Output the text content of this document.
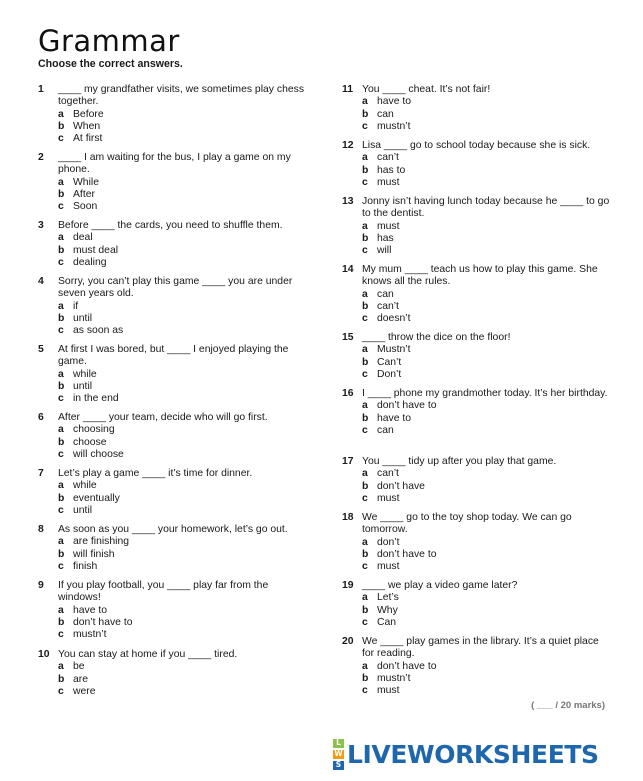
Grammar

Choose the correct answers.

1 ____ my grandfather visits, we sometimes play chess together.
a Before
b When
c At first
2 ____ I am waiting for the bus, I play a game on my phone.
a While
b After
c Soon
3 Before ____ the cards, you need to shuffle them.
a deal
b must deal
c dealing
4 Sorry, you can’t play this game ____ you are under seven years old.
a if
b until
c as soon as
5 At first I was bored, but ____ I enjoyed playing the game.
a while
b until
c in the end
6 After ____ your team, decide who will go first.
a choosing
b choose
c will choose
7 Let’s play a game ____ it’s time for dinner.
a while
b eventually
c until
8 As soon as you ____ your homework, let’s go out.
a are finishing
b will finish
c finish
9 If you play football, you ____ play far from the windows!
a have to
b don’t have to
c mustn’t
10 You can stay at home if you ____ tired.
a be
b are
c were
11 You ____ cheat. It’s not fair!
a have to
b can
c mustn’t
12 Lisa ____ go to school today because she is sick.
a can’t
b has to
c must
13 Jonny isn’t having lunch today because he ____ to go to the dentist.
a must
b has
c will
14 My mum ____ teach us how to play this game. She knows all the rules.
a can
b can’t
c doesn’t
15 ____ throw the dice on the floor!
a Mustn’t
b Can’t
c Don’t
16 I ____ phone my grandmother today. It’s her birthday.
a don’t have to
b have to
c can
17 You ____ tidy up after you play that game.
a can’t
b don’t have
c must
18 We ____ go to the toy shop today. We can go tomorrow.
a don’t
b don’t have to
c must
19 ____ we play a video game later?
a Let’s
b Why
c Can
20 We ____ play games in the library. It’s a quiet place for reading.
a don’t have to
b mustn’t
c must
( ___ / 20 marks)
L
W
S LIVEWORKSHEETS
